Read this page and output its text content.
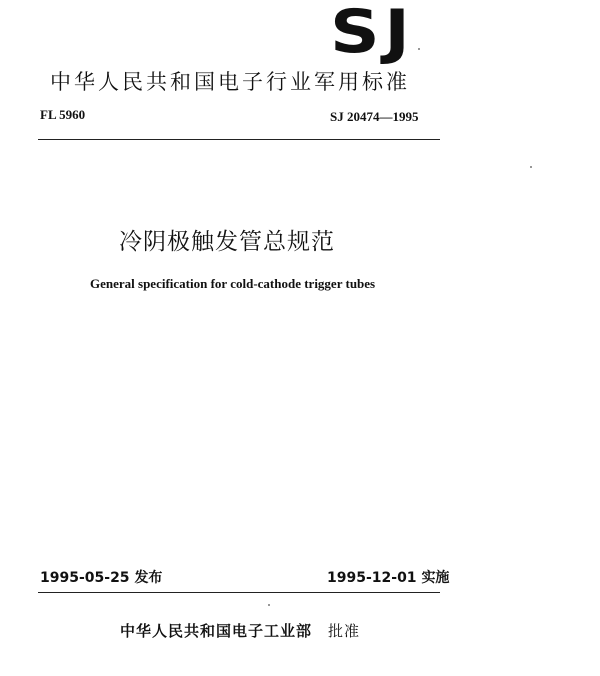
SJ
中华人民共和国电子行业军用标准
FL 5960	SJ 20474—1995
冷阴极触发管总规范
General specification for cold-cathode trigger tubes
1995-05-25 发布	1995-12-01 实施
中华人民共和国电子工业部 批准
